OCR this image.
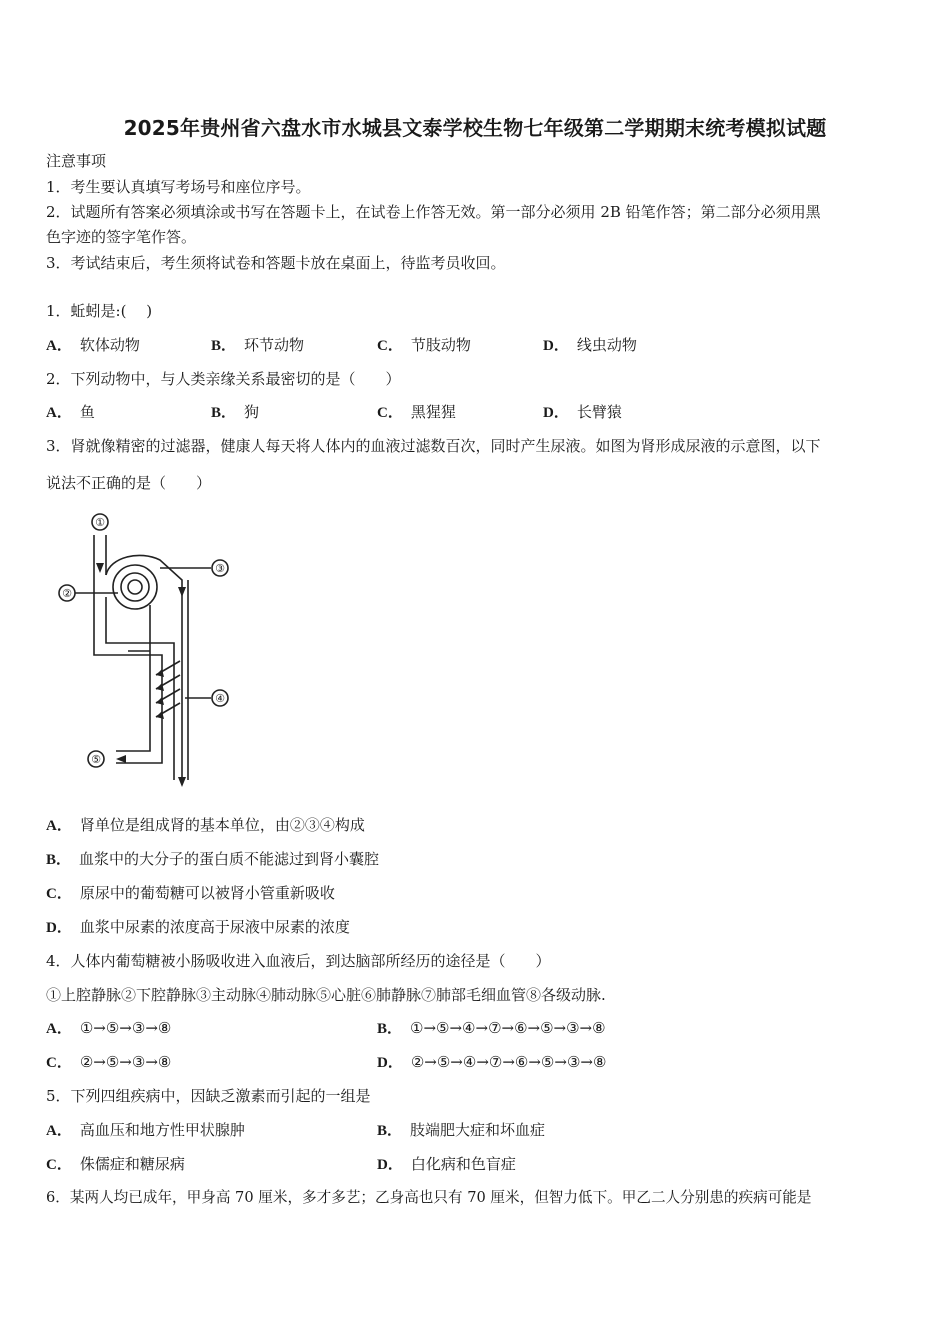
2025年贵州省六盘水市水城县文泰学校生物七年级第二学期期末统考模拟试题
注意事项
1．考生要认真填写考场号和座位序号。
2．试题所有答案必须填涂或书写在答题卡上，在试卷上作答无效。第一部分必须用 2B 铅笔作答；第二部分必须用黑
色字迹的签字笔作答。
3．考试结束后，考生须将试卷和答题卡放在桌面上，待监考员收回。
1．蚯蚓是:(　 )
A． 软体动物	B． 环节动物	C． 节肢动物	D． 线虫动物
2．下列动物中，与人类亲缘关系最密切的是（　　）
A． 鱼	B． 狗	C． 黑猩猩	D． 长臂猿
3．肾就像精密的过滤器，健康人每天将人体内的血液过滤数百次，同时产生尿液。如图为肾形成尿液的示意图，以下
说法不正确的是（　　）
①
②
③
④
⑤
A． 肾单位是组成肾的基本单位，由②③④构成
B． 血浆中的大分子的蛋白质不能滤过到肾小囊腔
C． 原尿中的葡萄糖可以被肾小管重新吸收
D． 血浆中尿素的浓度高于尿液中尿素的浓度
4．人体内葡萄糖被小肠吸收进入血液后，到达脑部所经历的途径是（　　）
①上腔静脉②下腔静脉③主动脉④肺动脉⑤心脏⑥肺静脉⑦肺部毛细血管⑧各级动脉.
A． ①→⑤→③→⑧	B． ①→⑤→④→⑦→⑥→⑤→③→⑧
C． ②→⑤→③→⑧	D． ②→⑤→④→⑦→⑥→⑤→③→⑧
5．下列四组疾病中，因缺乏激素而引起的一组是
A． 高血压和地方性甲状腺肿	B． 肢端肥大症和坏血症
C． 侏儒症和糖尿病	D． 白化病和色盲症
6．某两人均已成年，甲身高 70 厘米，多才多艺；乙身高也只有 70 厘米，但智力低下。甲乙二人分别患的疾病可能是
